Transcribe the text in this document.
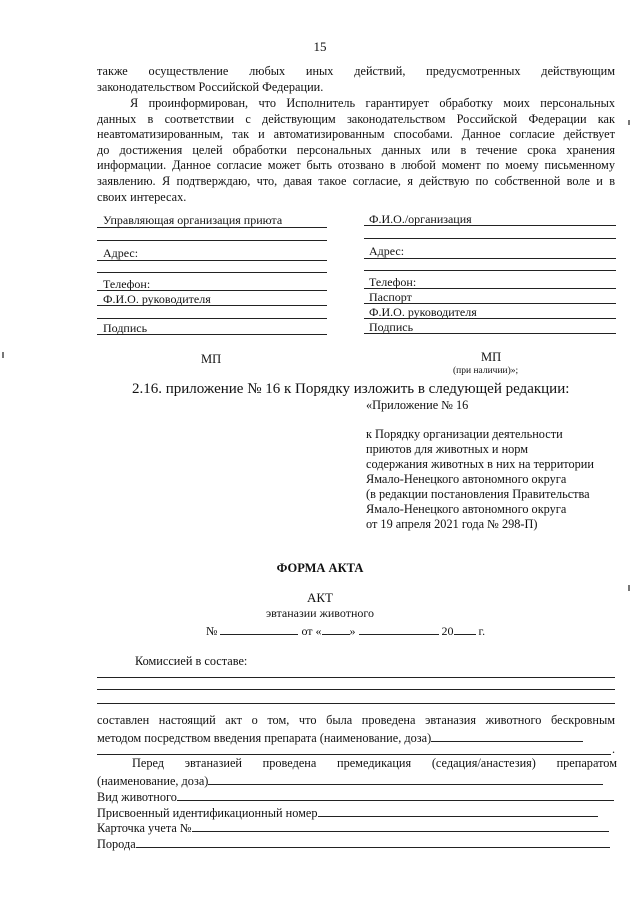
15
также осуществление любых иных действий, предусмотренных действующим
законодательством Российской Федерации.
Я проинформирован, что Исполнитель гарантирует обработку моих персональных
данных в соответствии с действующим законодательством Российской Федерации как
неавтоматизированным, так и автоматизированным способами. Данное согласие действует
до достижения целей обработки персональных данных или в течение срока хранения
информации. Данное согласие может быть отозвано в любой момент по моему письменному
заявлению. Я подтверждаю, что, давая такое согласие, я действую по собственной воле и в
своих интересах.
Управляющая организация приюта
Адрес:
Телефон:
Ф.И.О. руководителя
Подпись
МП
Ф.И.О./организация
Адрес:
Телефон:
Паспорт
Ф.И.О. руководителя
Подпись
МП
(при наличии)»;
2.16. приложение № 16 к Порядку изложить в следующей редакции:
«Приложение № 16
к Порядку организации деятельности
приютов для животных и норм
содержания животных в них на территории
Ямало-Ненецкого автономного округа
(в редакции постановления Правительства
Ямало-Ненецкого автономного округа
от 19 апреля 2021 года № 298-П)
ФОРМА АКТА
АКТ
эвтаназии животного
№	от « »	20 г.
Комиссией в составе:
составлен настоящий акт о том, что была проведена эвтаназия животного бескровным
методом посредством введения препарата (наименование, доза)
.
Перед эвтаназией проведена премедикация (седация/анастезия) препаратом
(наименование, доза)
Вид животного
Присвоенный идентификационный номер
Карточка учета №
Порода
